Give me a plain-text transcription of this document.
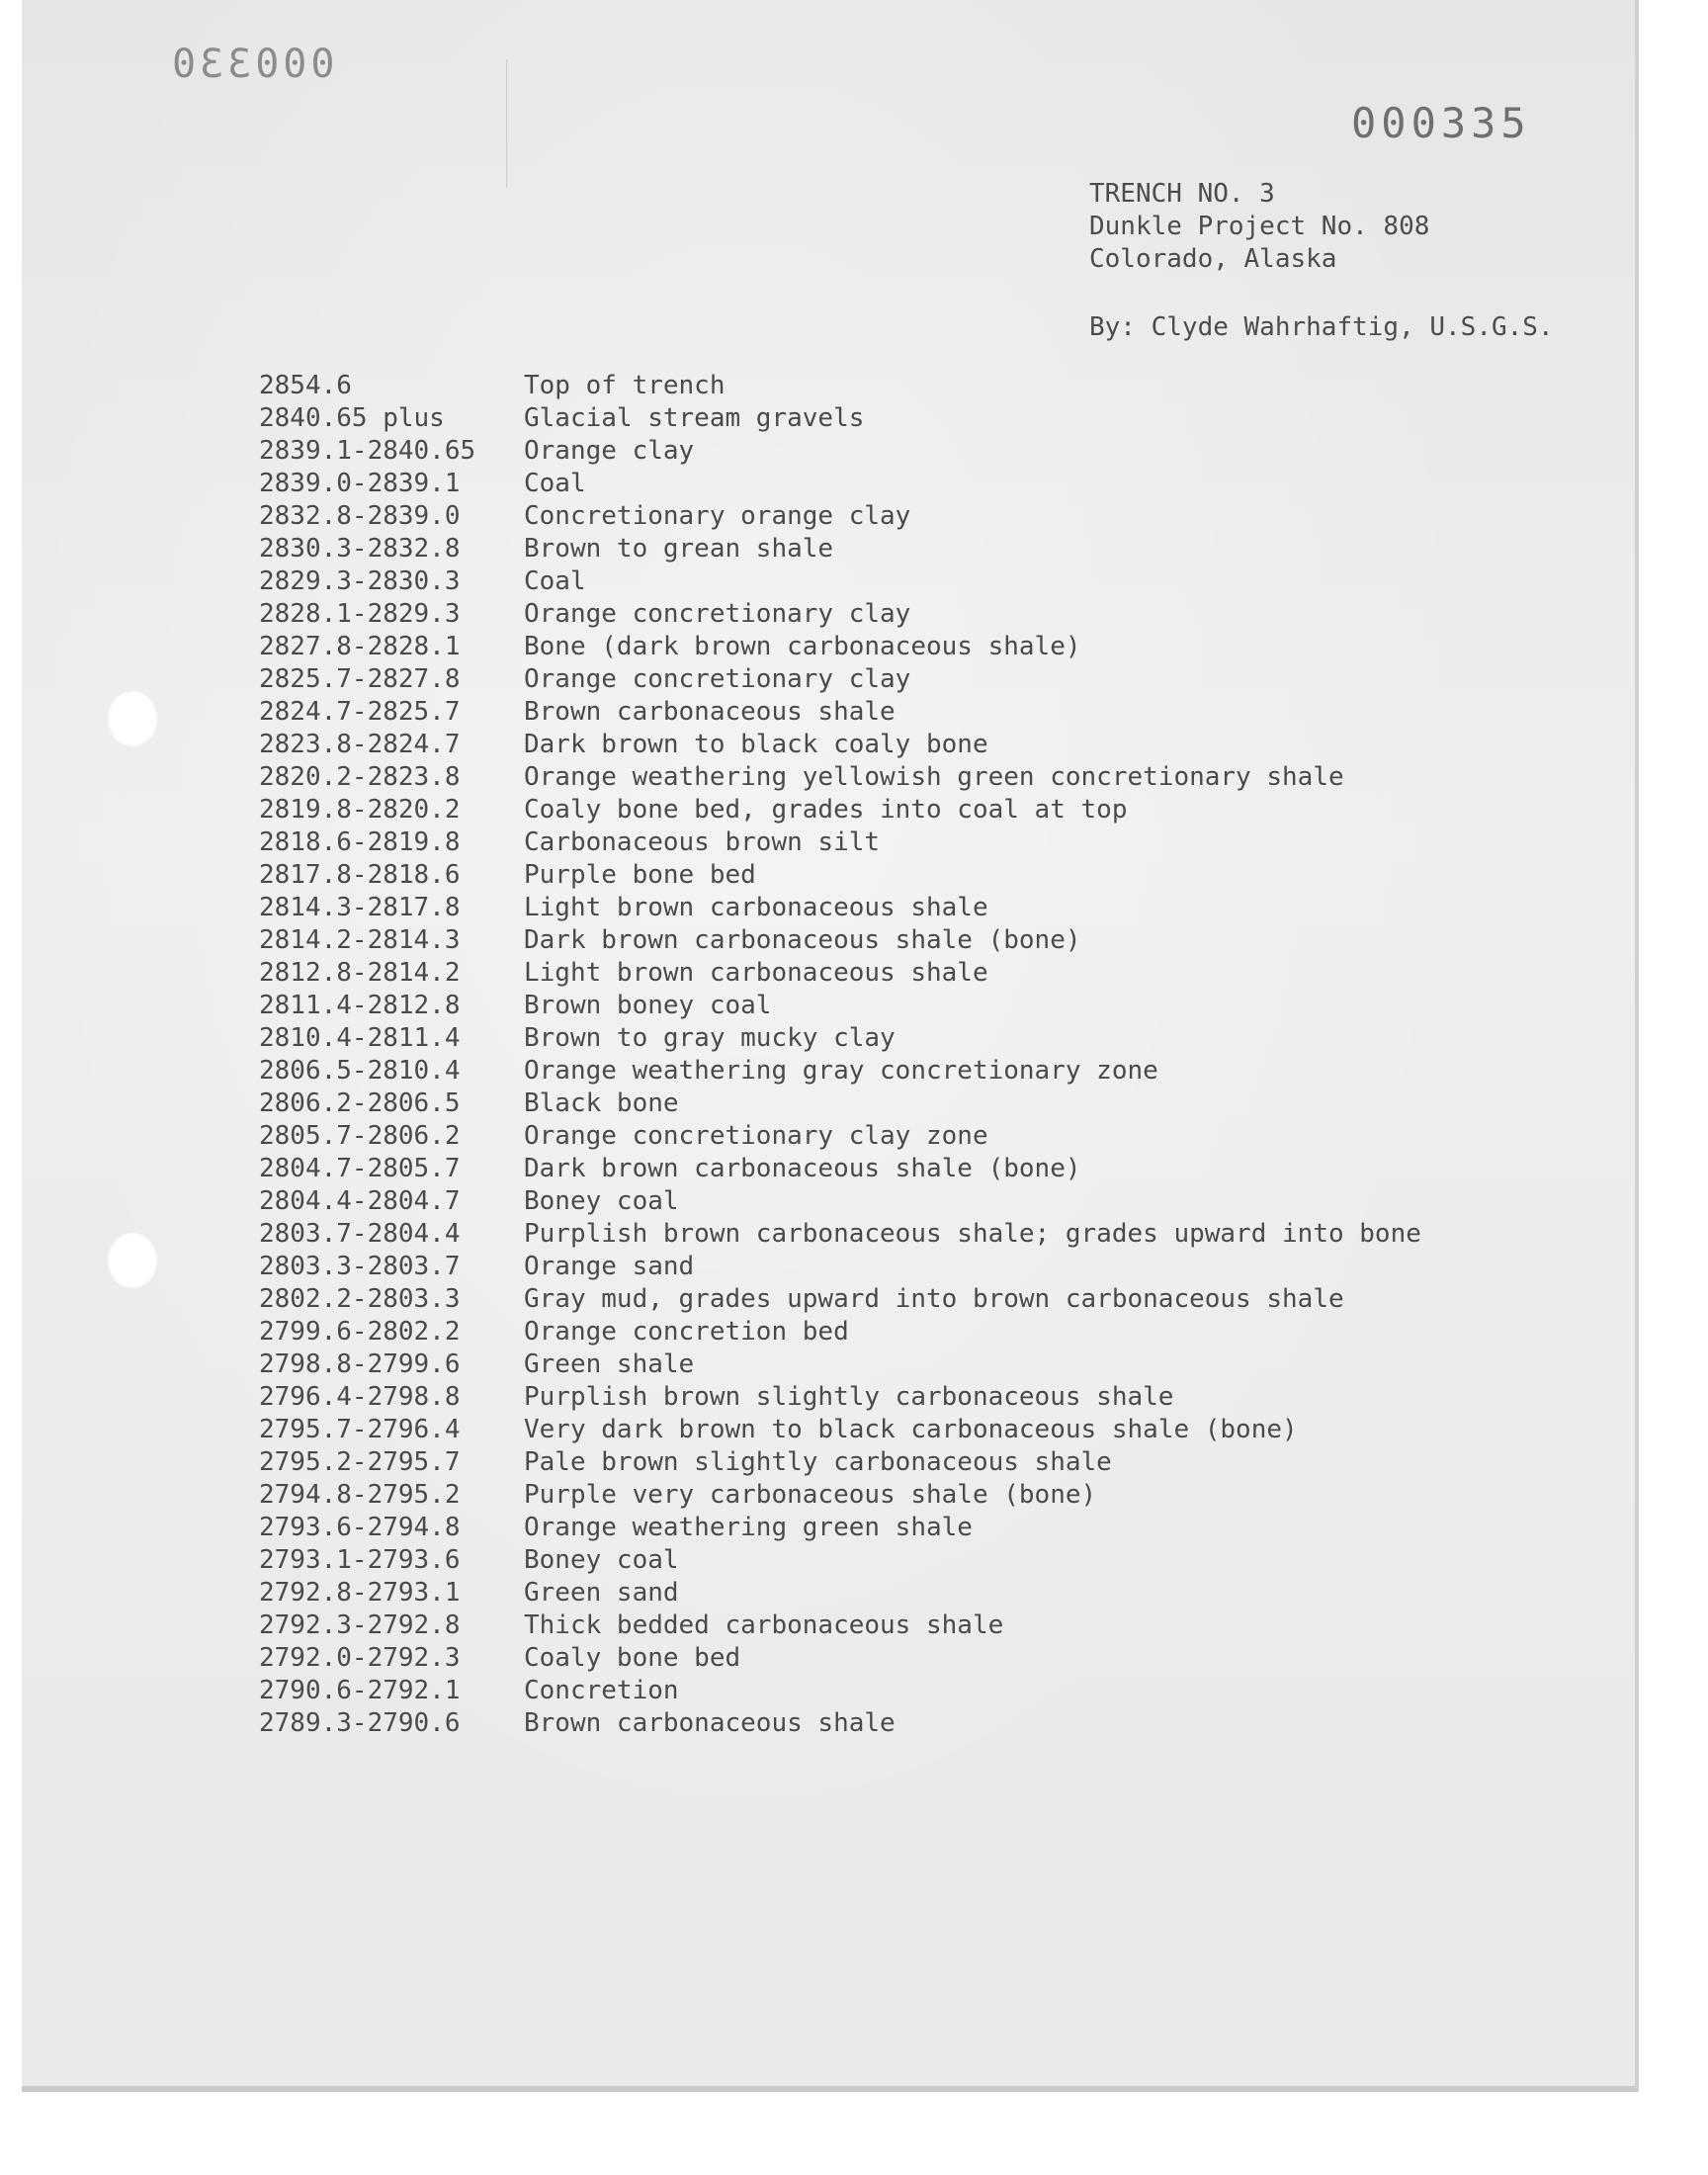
000330
000335
TRENCH NO. 3
Dunkle Project No. 808
Colorado, Alaska
By: Clyde Wahrhaftig, U.S.G.S.
2854.6	Top of trench
2840.65 plus	Glacial stream gravels
2839.1-2840.65	Orange clay
2839.0-2839.1	Coal
2832.8-2839.0	Concretionary orange clay
2830.3-2832.8	Brown to grean shale
2829.3-2830.3	Coal
2828.1-2829.3	Orange concretionary clay
2827.8-2828.1	Bone (dark brown carbonaceous shale)
2825.7-2827.8	Orange concretionary clay
2824.7-2825.7	Brown carbonaceous shale
2823.8-2824.7	Dark brown to black coaly bone
2820.2-2823.8	Orange weathering yellowish green concretionary shale
2819.8-2820.2	Coaly bone bed, grades into coal at top
2818.6-2819.8	Carbonaceous brown silt
2817.8-2818.6	Purple bone bed
2814.3-2817.8	Light brown carbonaceous shale
2814.2-2814.3	Dark brown carbonaceous shale (bone)
2812.8-2814.2	Light brown carbonaceous shale
2811.4-2812.8	Brown boney coal
2810.4-2811.4	Brown to gray mucky clay
2806.5-2810.4	Orange weathering gray concretionary zone
2806.2-2806.5	Black bone
2805.7-2806.2	Orange concretionary clay zone
2804.7-2805.7	Dark brown carbonaceous shale (bone)
2804.4-2804.7	Boney coal
2803.7-2804.4	Purplish brown carbonaceous shale; grades upward into bone
2803.3-2803.7	Orange sand
2802.2-2803.3	Gray mud, grades upward into brown carbonaceous shale
2799.6-2802.2	Orange concretion bed
2798.8-2799.6	Green shale
2796.4-2798.8	Purplish brown slightly carbonaceous shale
2795.7-2796.4	Very dark brown to black carbonaceous shale (bone)
2795.2-2795.7	Pale brown slightly carbonaceous shale
2794.8-2795.2	Purple very carbonaceous shale (bone)
2793.6-2794.8	Orange weathering green shale
2793.1-2793.6	Boney coal
2792.8-2793.1	Green sand
2792.3-2792.8	Thick bedded carbonaceous shale
2792.0-2792.3	Coaly bone bed
2790.6-2792.1	Concretion
2789.3-2790.6	Brown carbonaceous shale
